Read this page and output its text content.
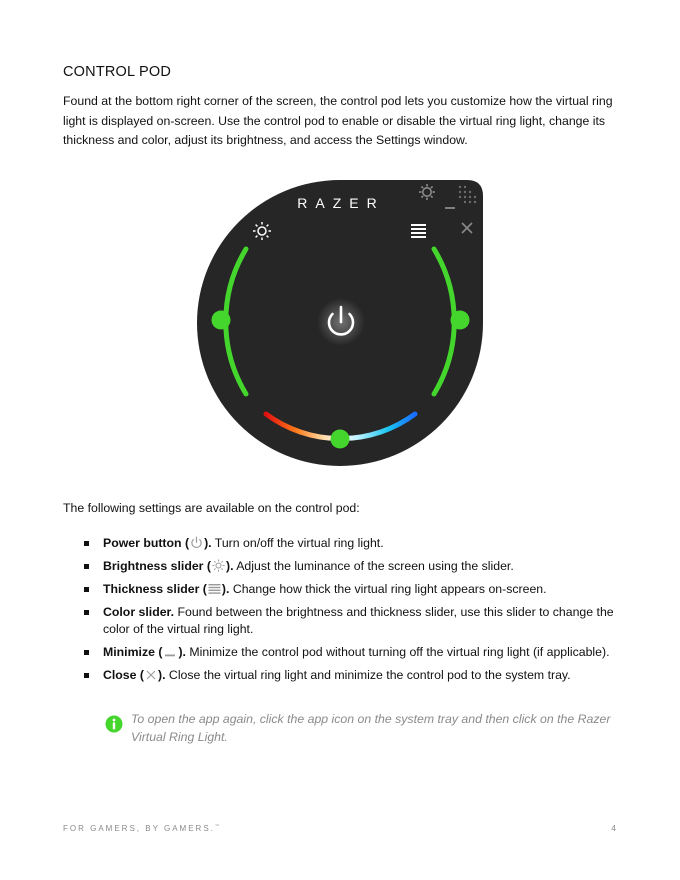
CONTROL POD
Found at the bottom right corner of the screen, the control pod lets you customize how the virtual ring light is displayed on-screen. Use the control pod to enable or disable the virtual ring light, change its thickness and color, adjust its brightness, and access the Settings window.
RAZER
The following settings are available on the control pod:
Power button ( ). Turn on/off the virtual ring light.
Brightness slider ( ). Adjust the luminance of the screen using the slider.
Thickness slider ( ). Change how thick the virtual ring light appears on-screen.
Color slider. Found between the brightness and thickness slider, use this slider to change the color of the virtual ring light.
Minimize ( ). Minimize the control pod without turning off the virtual ring light (if applicable).
Close ( ). Close the virtual ring light and minimize the control pod to the system tray.
To open the app again, click the app icon on the system tray and then click on the Razer Virtual Ring Light.
FOR GAMERS, BY GAMERS.™	4
